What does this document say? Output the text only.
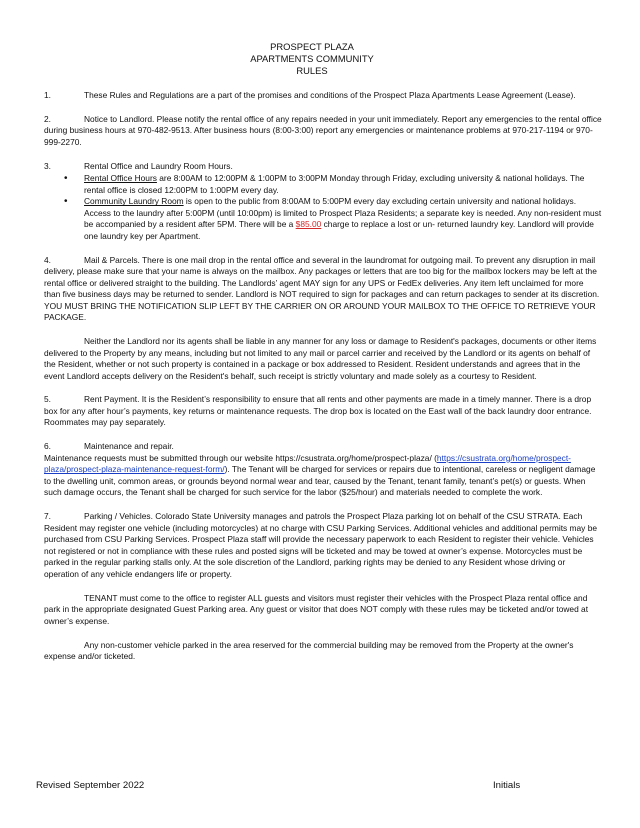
PROSPECT PLAZA
APARTMENTS COMMUNITY
RULES
1.	These Rules and Regulations are a part of the promises and conditions of the Prospect Plaza Apartments Lease Agreement (Lease).
2.	Notice to Landlord. Please notify the rental office of any repairs needed in your unit immediately. Report any emergencies to the rental office during business hours at 970-482-9513. After business hours (8:00-3:00) report any emergencies or maintenance problems at 970-217-1194 or 970-999-2270.
3.	Rental Office and Laundry Room Hours.
• Rental Office Hours are 8:00AM to 12:00PM & 1:00PM to 3:00PM Monday through Friday, excluding university & national holidays. The rental office is closed 12:00PM to 1:00PM every day.
• Community Laundry Room is open to the public from 8:00AM to 5:00PM every day excluding certain university and national holidays. Access to the laundry after 5:00PM (until 10:00pm) is limited to Prospect Plaza Residents; a separate key is needed. Any non-resident must be accompanied by a resident after 5PM. There will be a $85.00 charge to replace a lost or un- returned laundry key. Landlord will provide one laundry key per Apartment.
4.	Mail & Parcels. There is one mail drop in the rental office and several in the laundromat for outgoing mail. To prevent any disruption in mail delivery, please make sure that your name is always on the mailbox. Any packages or letters that are too big for the mailbox lockers may be left at the rental office or delivered straight to the building. The Landlords’ agent MAY sign for any UPS or FedEx deliveries. Any item left unclaimed for more than five business days may be returned to sender. Landlord is NOT required to sign for packages and can return packages to sender at its discretion. YOU MUST BRING THE NOTIFICATION SLIP LEFT BY THE CARRIER ON OR AROUND YOUR MAILBOX TO THE OFFICE TO RETRIEVE YOUR PACKAGE.
Neither the Landlord nor its agents shall be liable in any manner for any loss or damage to Resident's packages, documents or other items delivered to the Property by any means, including but not limited to any mail or parcel carrier and received by the Landlord or its agents on behalf of the Resident, whether or not such property is contained in a package or box addressed to Resident. Resident understands and agrees that in the event Landlord accepts delivery on the Resident's behalf, such receipt is strictly voluntary and made solely as a courtesy to Resident.
5.	Rent Payment. It is the Resident’s responsibility to ensure that all rents and other payments are made in a timely manner. There is a drop box for any after hour’s payments, key returns or maintenance requests. The drop box is located on the East wall of the back laundry door entrance. Roommates may pay separately.
6.	Maintenance and repair.
Maintenance requests must be submitted through our website https://csustrata.org/home/prospect-plaza/ (https://csustrata.org/home/prospect-plaza/prospect-plaza-maintenance-request-form/). The Tenant will be charged for services or repairs due to intentional, careless or negligent damage to the dwelling unit, common areas, or grounds beyond normal wear and tear, caused by the Tenant, tenant family, tenant’s pet(s) or guests. When such damage occurs, the Tenant shall be charged for such service for the labor ($25/hour) and materials needed to complete the work.
7.	Parking / Vehicles. Colorado State University manages and patrols the Prospect Plaza parking lot on behalf of the CSU STRATA. Each Resident may register one vehicle (including motorcycles) at no charge with CSU Parking Services. Additional vehicles and additional permits may be purchased from CSU Parking Services. Prospect Plaza staff will provide the necessary paperwork to each Resident to register their vehicle. Vehicles not registered or not in compliance with these rules and posted signs will be ticketed and may be towed at owner’s expense. Motorcycles must be parked in the regular parking stalls only. At the sole discretion of the Landlord, parking rights may be denied to any Resident whose driving or operation of any vehicle endangers life or property.
TENANT must come to the office to register ALL guests and visitors must register their vehicles with the Prospect Plaza rental office and park in the appropriate designated Guest Parking area. Any guest or visitor that does NOT comply with these rules may be ticketed and/or towed at owner’s expense.
Any non-customer vehicle parked in the area reserved for the commercial building may be removed from the Property at the owner's expense and/or ticketed.
Revised September 2022	Initials
